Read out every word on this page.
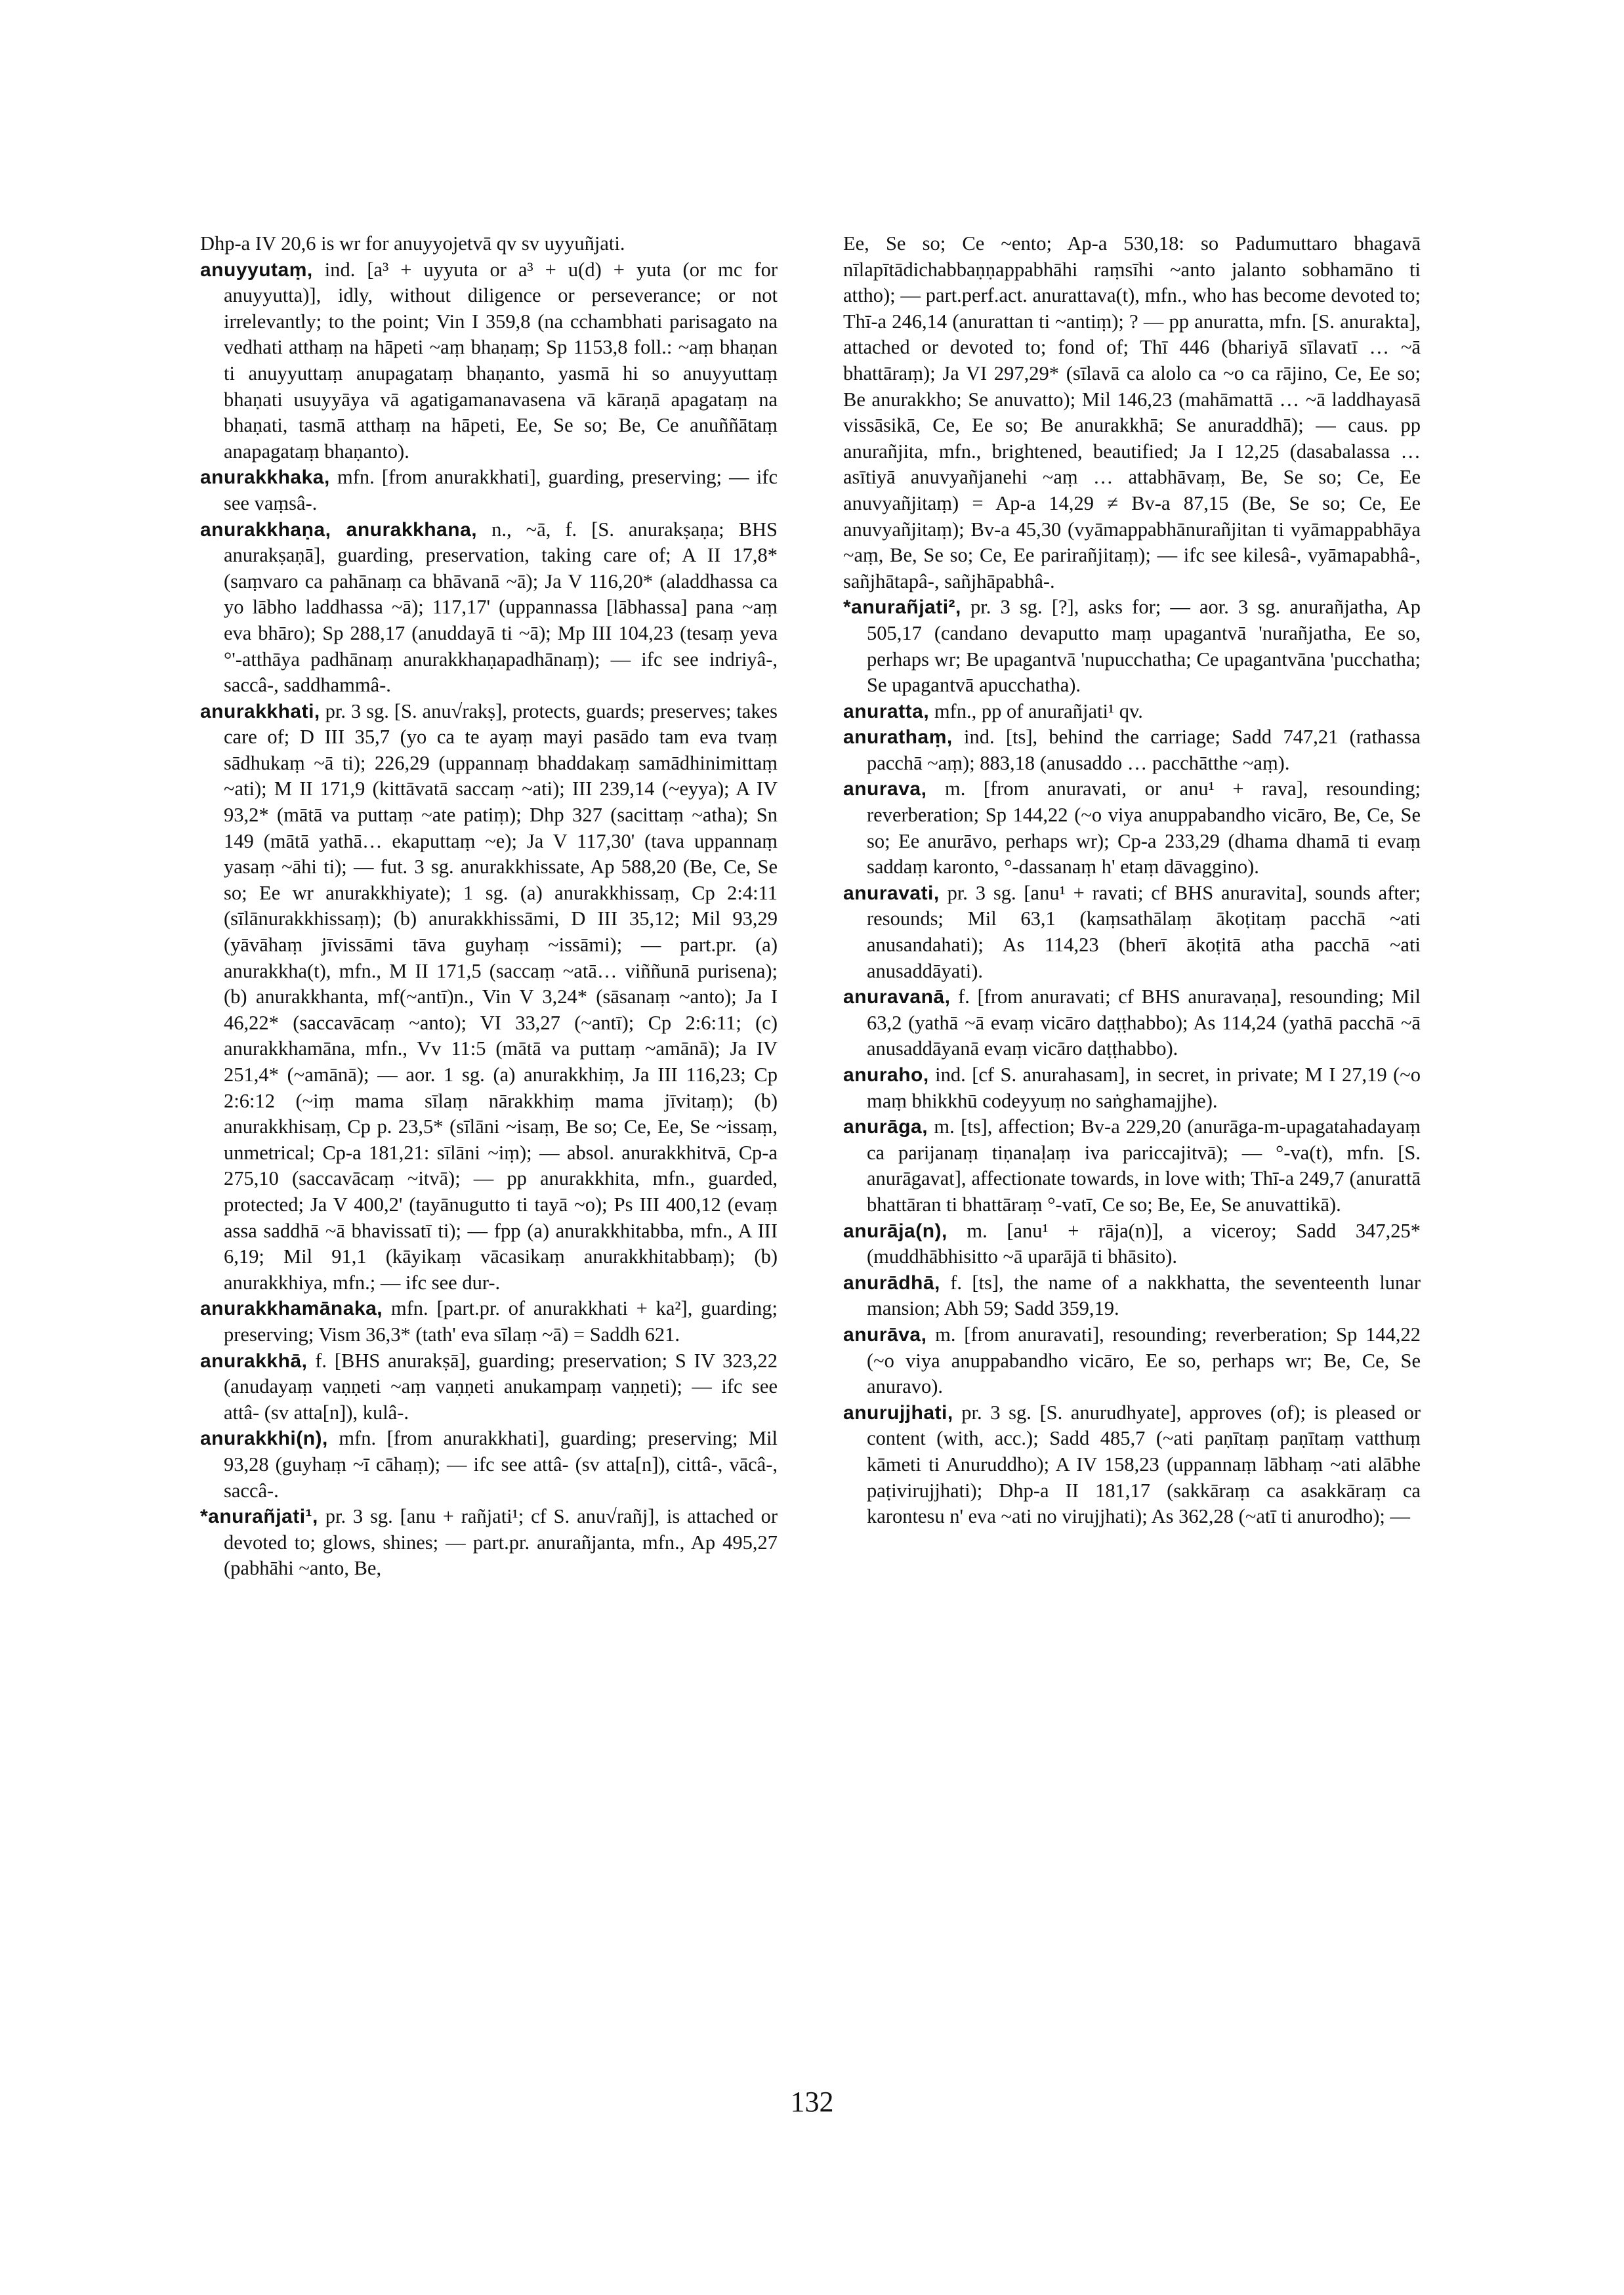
Dhp-a IV 20,6 is wr for anuyyojetvā qv sv uyyuñjati.

anuyyutaṃ, ind. [a³ + uyyuta or a³ + u(d) + yuta (or mc for anuyyutta)], idly, without diligence or perseverance; or not irrelevantly; to the point; Vin I 359,8 (na cchambhati parisagato na vedhati atthaṃ na hāpeti ~aṃ bhaṇaṃ; Sp 1153,8 foll.: ~aṃ bhaṇan ti anuyyuttaṃ anupagataṃ bhaṇanto, yasmā hi so anuyyuttaṃ bhaṇati usuyyāya vā agatigamanavasena vā kāraṇā apagataṃ na bhaṇati, tasmā atthaṃ na hāpeti, Ee, Se so; Be, Ce anuññātaṃ anapagataṃ bhaṇanto).

anurakkhaka, mfn. [from anurakkhati], guarding, preserving; — ifc see vaṃsâ-.

anurakkhaṇa, anurakkhana, n., ~ā, f. [S. anurakṣaṇa; BHS anurakṣaṇā], guarding, preservation, taking care of; A II 17,8* (saṃvaro ca pahānaṃ ca bhāvanā ~ā); Ja V 116,20* (aladdhassa ca yo lābho laddhassa ~ā); 117,17' (uppannassa [lābhassa] pana ~aṃ eva bhāro); Sp 288,17 (anuddayā ti ~ā); Mp III 104,23 (tesaṃ yeva °'-atthāya padhānaṃ anurakkhaṇapadhānaṃ); — ifc see indriyâ-, saccâ-, saddhammâ-.

anurakkhati, pr. 3 sg. [S. anu√rakṣ], protects, guards; preserves; takes care of; D III 35,7 (yo ca te ayaṃ mayi pasādo tam eva tvaṃ sādhukaṃ ~ā ti); 226,29 (uppannaṃ bhaddakaṃ samādhinimittaṃ ~ati); M II 171,9 (kittāvatā saccaṃ ~ati); III 239,14 (~eyya); A IV 93,2* (mātā va puttaṃ ~ate patiṃ); Dhp 327 (sacittaṃ ~atha); Sn 149 (mātā yathā… ekaputtaṃ ~e); Ja V 117,30' (tava uppannaṃ yasaṃ ~āhi ti); — fut. 3 sg. anurakkhissate, Ap 588,20 (Be, Ce, Se so; Ee wr anurakkhiyate); 1 sg. (a) anurakkhissaṃ, Cp 2:4:11 (sīlānurakkhissaṃ); (b) anurakkhissāmi, D III 35,12; Mil 93,29 (yāvāhaṃ jīvissāmi tāva guyhaṃ ~issāmi); — part.pr. (a) anurakkha(t), mfn., M II 171,5 (saccaṃ ~atā… viññunā purisena); (b) anurakkhanta, mf(~antī)n., Vin V 3,24* (sāsanaṃ ~anto); Ja I 46,22* (saccavācaṃ ~anto); VI 33,27 (~antī); Cp 2:6:11; (c) anurakkhamāna, mfn., Vv 11:5 (mātā va puttaṃ ~amānā); Ja IV 251,4* (~amānā); — aor. 1 sg. (a) anurakkhiṃ, Ja III 116,23; Cp 2:6:12 (~iṃ mama sīlaṃ nārakkhiṃ mama jīvitaṃ); (b) anurakkhisaṃ, Cp p. 23,5* (sīlāni ~isaṃ, Be so; Ce, Ee, Se ~issaṃ, unmetrical; Cp-a 181,21: sīlāni ~iṃ); — absol. anurakkhitvā, Cp-a 275,10 (saccavācaṃ ~itvā); — pp anurakkhita, mfn., guarded, protected; Ja V 400,2' (tayānugutto ti tayā ~o); Ps III 400,12 (evaṃ assa saddhā ~ā bhavissatī ti); — fpp (a) anurakkhitabba, mfn., A III 6,19; Mil 91,1 (kāyikaṃ vācasikaṃ anurakkhitabbaṃ); (b) anurakkhiya, mfn.; — ifc see dur-.

anurakkhamānaka, mfn. [part.pr. of anurakkhati + ka²], guarding; preserving; Vism 36,3* (tath' eva sīlaṃ ~ā) = Saddh 621.

anurakkhā, f. [BHS anurakṣā], guarding; preservation; S IV 323,22 (anudayaṃ vaṇṇeti ~aṃ vaṇṇeti anukampaṃ vaṇṇeti); — ifc see attâ- (sv atta[n]), kulâ-.

anurakkhi(n), mfn. [from anurakkhati], guarding; preserving; Mil 93,28 (guyhaṃ ~ī cāhaṃ); — ifc see attâ- (sv atta[n]), cittâ-, vācâ-, saccâ-.

*anurañjati¹, pr. 3 sg. [anu + rañjati¹; cf S. anu√rañj], is attached or devoted to; glows, shines; — part.pr. anurañjanta, mfn., Ap 495,27 (pabhāhi ~anto, Be,

Ee, Se so; Ce ~ento; Ap-a 530,18: so Padumuttaro bhagavā nīlapītādichabbaṇṇappabhāhi raṃsīhi ~anto jalanto sobhamāno ti attho); — part.perf.act. anurattava(t), mfn., who has become devoted to; Thī-a 246,14 (anurattan ti ~antiṃ); ? — pp anuratta, mfn. [S. anurakta], attached or devoted to; fond of; Thī 446 (bhariyā sīlavatī … ~ā bhattāraṃ); Ja VI 297,29* (sīlavā ca alolo ca ~o ca rājino, Ce, Ee so; Be anurakkho; Se anuvatto); Mil 146,23 (mahāmattā … ~ā laddhayasā vissāsikā, Ce, Ee so; Be anurakkhā; Se anuraddhā); — caus. pp anurañjita, mfn., brightened, beautified; Ja I 12,25 (dasabalassa … asītiyā anuvyañjanehi ~aṃ … attabhāvaṃ, Be, Se so; Ce, Ee anuvyañjitaṃ) = Ap-a 14,29 ≠ Bv-a 87,15 (Be, Se so; Ce, Ee anuvyañjitaṃ); Bv-a 45,30 (vyāmappabhānurañjitan ti vyāmappabhāya ~aṃ, Be, Se so; Ce, Ee parirañjitaṃ); — ifc see kilesâ-, vyāmapabhâ-, sañjhātapâ-, sañjhāpabhâ-.

*anurañjati², pr. 3 sg. [?], asks for; — aor. 3 sg. anurañjatha, Ap 505,17 (candano devaputto maṃ upagantvā 'nurañjatha, Ee so, perhaps wr; Be upagantvā 'nupucchatha; Ce upagantvāna 'pucchatha; Se upagantvā apucchatha).

anuratta, mfn., pp of anurañjati¹ qv.

anurathaṃ, ind. [ts], behind the carriage; Sadd 747,21 (rathassa pacchā ~aṃ); 883,18 (anusaddo … pacchātthe ~aṃ).

anurava, m. [from anuravati, or anu¹ + rava], resounding; reverberation; Sp 144,22 (~o viya anuppabandho vicāro, Be, Ce, Se so; Ee anurāvo, perhaps wr); Cp-a 233,29 (dhama dhamā ti evaṃ saddaṃ karonto, °-dassanaṃ h' etaṃ dāvaggino).

anuravati, pr. 3 sg. [anu¹ + ravati; cf BHS anuravita], sounds after; resounds; Mil 63,1 (kaṃsathālaṃ ākoṭitaṃ pacchā ~ati anusandahati); As 114,23 (bherī ākoṭitā atha pacchā ~ati anusaddāyati).

anuravanā, f. [from anuravati; cf BHS anuravaṇa], resounding; Mil 63,2 (yathā ~ā evaṃ vicāro daṭṭhabbo); As 114,24 (yathā pacchā ~ā anusaddāyanā evaṃ vicāro daṭṭhabbo).

anuraho, ind. [cf S. anurahasam], in secret, in private; M I 27,19 (~o maṃ bhikkhū codeyyuṃ no saṅghamajjhe).

anurāga, m. [ts], affection; Bv-a 229,20 (anurāga-m-upagatahadayaṃ ca parijanaṃ tiṇanaḷaṃ iva pariccajitvā); — °-va(t), mfn. [S. anurāgavat], affectionate towards, in love with; Thī-a 249,7 (anurattā bhattāran ti bhattāraṃ °-vatī, Ce so; Be, Ee, Se anuvattikā).

anurāja(n), m. [anu¹ + rāja(n)], a viceroy; Sadd 347,25* (muddhābhisitto ~ā uparājā ti bhāsito).

anurādhā, f. [ts], the name of a nakkhatta, the seventeenth lunar mansion; Abh 59; Sadd 359,19.

anurāva, m. [from anuravati], resounding; reverberation; Sp 144,22 (~o viya anuppabandho vicāro, Ee so, perhaps wr; Be, Ce, Se anuravo).

anurujjhati, pr. 3 sg. [S. anurudhyate], approves (of); is pleased or content (with, acc.); Sadd 485,7 (~ati paṇītaṃ paṇītaṃ vatthuṃ kāmeti ti Anuruddho); A IV 158,23 (uppannaṃ lābhaṃ ~ati alābhe paṭivirujjhati); Dhp-a II 181,17 (sakkāraṃ ca asakkāraṃ ca karontesu n' eva ~ati no virujjhati); As 362,28 (~atī ti anurodho); —

132
